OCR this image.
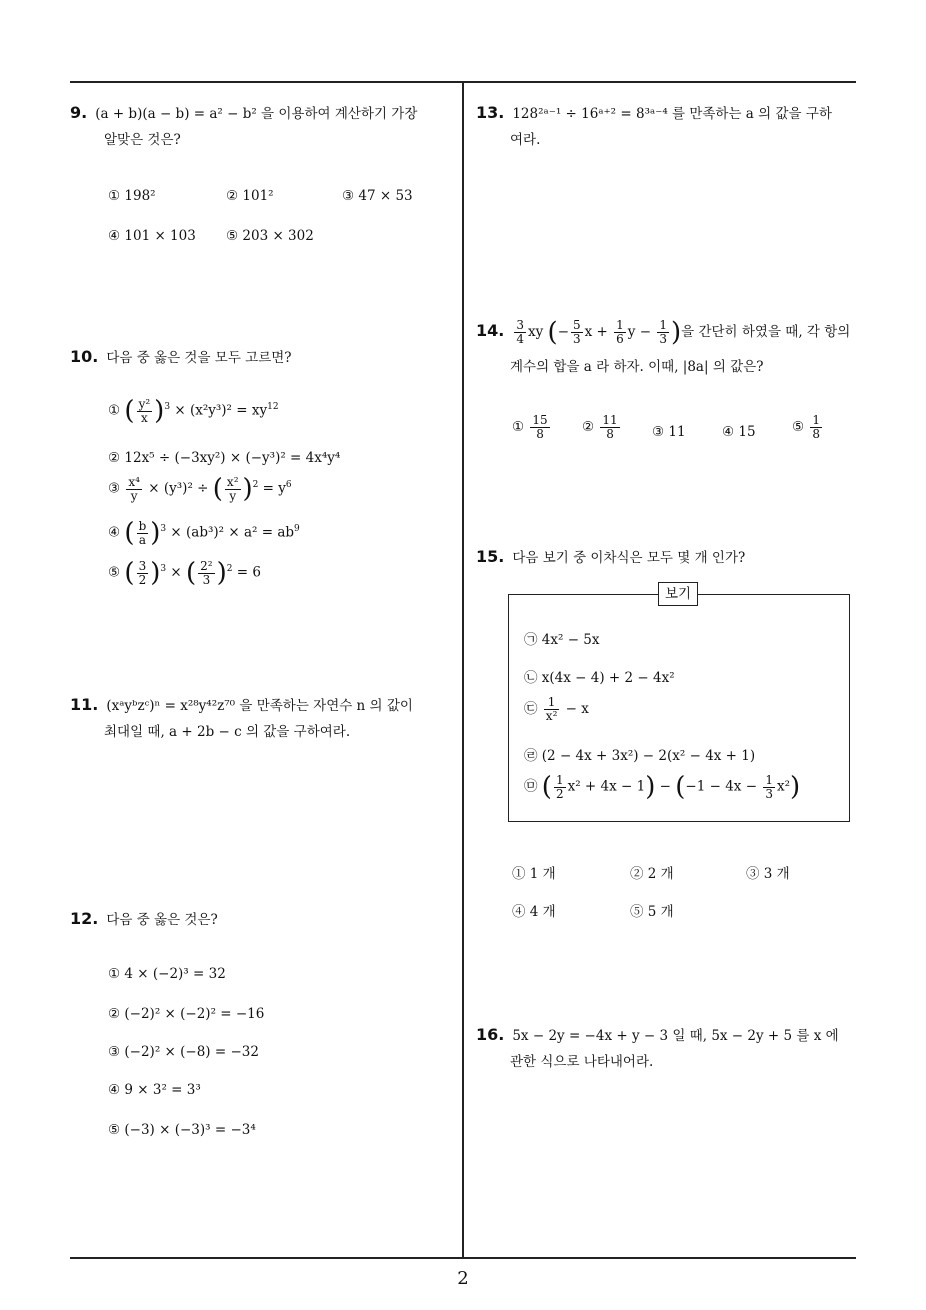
9. (a + b)(a − b) = a² − b² 을 이용하여 계산하기 가장
알맞은 것은?
① 198²	② 101²	③ 47 × 53
④ 101 × 103 ⑤ 203 × 302
10. 다음 중 옳은 것을 모두 고르면?
① ( $\frac{\text{y²}}{x} )^3 \times (x^2y^3)^2 = xy^{12}$
② 12x⁵ ÷ (−3xy²) × (−y³)² = 4x⁴y⁴
③ $\frac{\text{x⁴}}{y} \times (y^3)^2$ ÷ ( $\frac{\text{x²}}{y} )^2 = y^6$
④ ( $\frac{b}{a} )^3 \times (ab^3)^2 \times a^2 = ab^9$
⑤ ( $\frac{3}{2} )^3$ × ( $\frac{\text{2²}}{3} )^2 = 6$
11. (xᵃyᵇzᶜ)ⁿ = x²⁸y⁴²z⁷⁰ 을 만족하는 자연수 n 의 값이
최대일 때, a + 2b − c 의 값을 구하여라.
12. 다음 중 옳은 것은?
① 4 × (−2)³ = 32
② (−2)² × (−2)² = −16
③ (−2)² × (−8) = −32
④ 9 × 3² = 3³
⑤ (−3) × (−3)³ = −3⁴
13. 128²ᵃ⁻¹ ÷ 16ᵃ⁺² = 8³ᵃ⁻⁴ 를 만족하는 a 의 값을 구하
여라.
14. $\frac{3}{4}$ xy (− $\frac{5}{3}$ $x + \frac{1}{6}$ $y - \frac{1}{3}$ )을 간단히 하였을 때, 각 항의
계수의 합을 a 라 하자. 이때, |8a| 의 값은?
① $\frac{15}{8}$ ② $\frac{11}{8}$ ③ 11	④ 15	⑤ $\frac{1}{8}$
15. 다음 보기 중 이차식은 모두 몇 개 인가?
보기
㉠ 4x² − 5x
㉡ x(4x − 4) + 2 − 4x²
㉢ $\frac{1}{\text{x²}} - x$
㉣ (2 − 4x + 3x²) − 2(x² − 4x + 1)
㉤ ( $\frac{1}{2} x^2 + 4x - 1) - (-1 - 4x - \frac{1}{3} x^2)$
① 1 개	② 2 개	③ 3 개
④ 4 개	⑤ 5 개
16. 5x − 2y = −4x + y − 3 일 때, 5x − 2y + 5 를 x 에
관한 식으로 나타내어라.
2
